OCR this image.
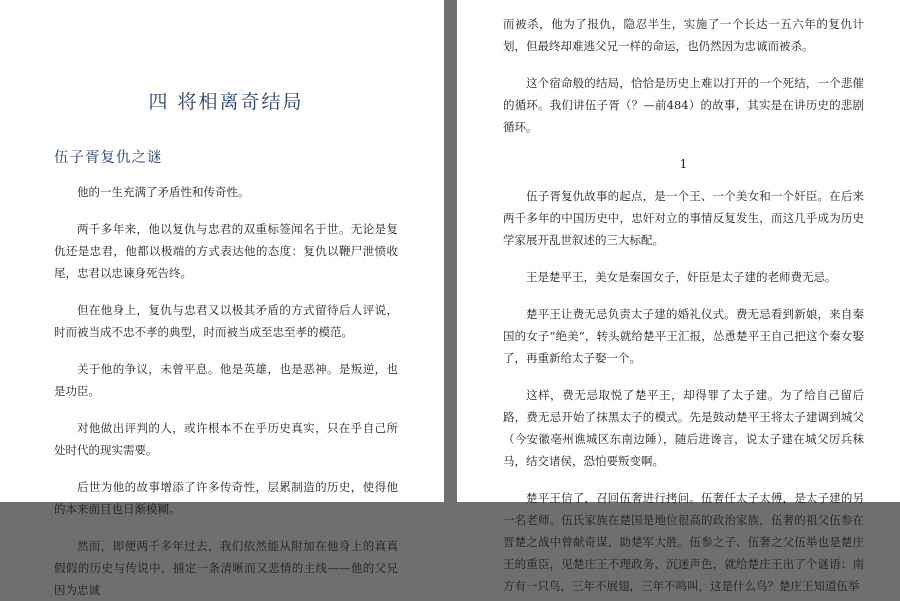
四 将相离奇结局
伍子胥复仇之谜

他的一生充满了矛盾性和传奇性。

两千多年来，他以复仇与忠君的双重标签闻名于世。无论是复仇还是忠君，他都以极端的方式表达他的态度：复仇以鞭尸泄愤收尾，忠君以忠谏身死告终。

但在他身上，复仇与忠君又以极其矛盾的方式留待后人评说，时而被当成不忠不孝的典型，时而被当成至忠至孝的模范。

关于他的争议，未曾平息。他是英雄，也是恶神。是叛逆，也是功臣。

对他做出评判的人，或许根本不在乎历史真实，只在乎自己所处时代的现实需要。

后世为他的故事增添了许多传奇性，层累制造的历史，使得他的本来面目也日渐模糊。

然而，即便两千多年过去，我们依然能从附加在他身上的真真假假的历史与传说中，捕定一条清晰而又悲情的主线——他的父兄因为忠诚

而被杀，他为了报仇，隐忍半生，实施了一个长达一五六年的复仇计划，但最终却难逃父兄一样的命运，也仍然因为忠诚而被杀。

这个宿命般的结局，恰恰是历史上难以打开的一个死结，一个悲催的循环。我们讲伍子胥（？—前484）的故事，其实是在讲历史的悲剧循环。

1

伍子胥复仇故事的起点，是一个王、一个美女和一个奸臣。在后来两千多年的中国历史中，忠奸对立的事情反复发生，而这几乎成为历史学家展开乱世叙述的三大标配。

王是楚平王，美女是秦国女子，奸臣是太子建的老师费无忌。

楚平王让费无忌负责太子建的婚礼仪式。费无忌看到新娘，来自秦国的女子“绝美”，转头就给楚平王汇报，怂恿楚平王自己把这个秦女娶了，再重新给太子娶一个。

这样，费无忌取悦了楚平王，却得罪了太子建。为了给自己留后路，费无忌开始了抹黑太子的模式。先是鼓动楚平王将太子建调到城父（今安徽亳州谯城区东南边陲），随后进谗言，说太子建在城父厉兵秣马，结交诸侯，恐怕要叛变啊。

楚平王信了，召回伍奢进行拷问。伍奢任太子太傅，是太子建的另一名老师。伍氏家族在楚国是地位很高的政治家族，伍奢的祖父伍参在晋楚之战中曾献奇谋，助楚军大胜。伍参之子、伍奢之父伍举也是楚庄王的重臣，见楚庄王不理政务、沉迷声色，就给楚庄王出了个谜语：南方有一只鸟，三年不展翅，三年不鸣叫，这是什么鸟？楚庄王知道伍举
